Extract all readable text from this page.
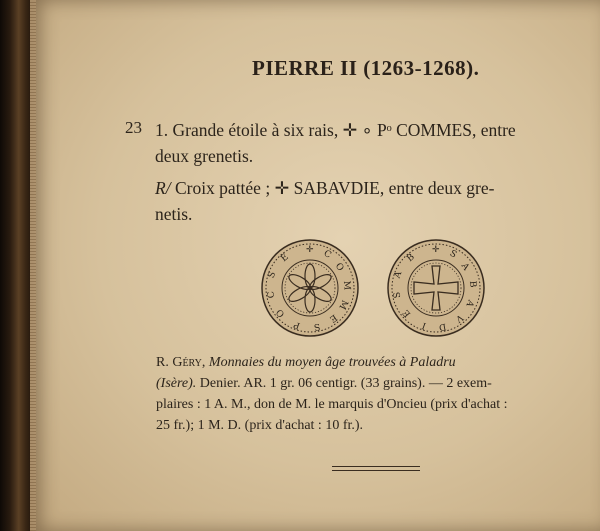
PIERRE II (1263-1268).
23 1. Grande étoile à six rais, ✛ ∘ Pᵒ COMMES, entre
deux grenetis.
R/ Croix pattée ; ✛ SABAVDIE, entre deux gre-
netis.
✛ C
O
M
M
E
S
P
O
C
S
E
✛ S
A
B
A
V
D
I
E
S
A
B
R. Géry, Monnaies du moyen âge trouvées à Paladru
(Isère). Denier. AR. 1 gr. 06 centigr. (33 grains). — 2 exem-
plaires : 1 A. M., don de M. le marquis d'Oncieu (prix d'achat :
25 fr.); 1 M. D. (prix d'achat : 10 fr.).
